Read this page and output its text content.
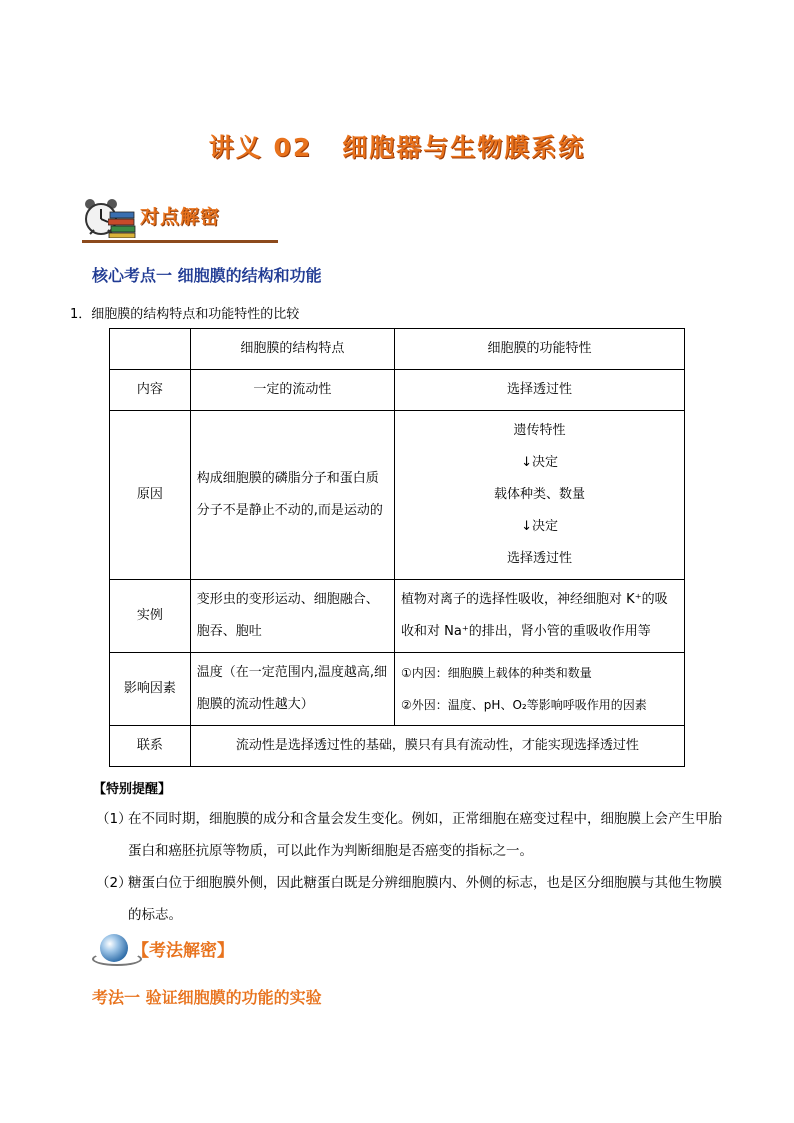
讲义 02 细胞器与生物膜系统
对点解密
核心考点一 细胞膜的结构和功能
1．细胞膜的结构特点和功能特性的比较
	细胞膜的结构特点	细胞膜的功能特性
内容	一定的流动性	选择透过性
原因	构成细胞膜的磷脂分子和蛋白质分子不是静止不动的,而是运动的	遗传特性
↓决定
载体种类、数量
↓决定
选择透过性

实例	变形虫的变形运动、细胞融合、胞吞、胞吐	植物对离子的选择性吸收，神经细胞对 K⁺的吸收和对 Na⁺的排出，肾小管的重吸收作用等
影响因素	温度（在一定范围内,温度越高,细胞膜的流动性越大）	①内因：细胞膜上载体的种类和数量
②外因：温度、pH、O₂等影响呼吸作用的因素

联系	流动性是选择透过性的基础，膜只有具有流动性，才能实现选择透过性	
【特别提醒】
（1）
在不同时期，细胞膜的成分和含量会发生变化。例如，正常细胞在癌变过程中，细胞膜上会产生甲胎蛋白和癌胚抗原等物质，可以此作为判断细胞是否癌变的指标之一。
（2）
糖蛋白位于细胞膜外侧，因此糖蛋白既是分辨细胞膜内、外侧的标志，也是区分细胞膜与其他生物膜的标志。
【考法解密】
考法一 验证细胞膜的功能的实验
